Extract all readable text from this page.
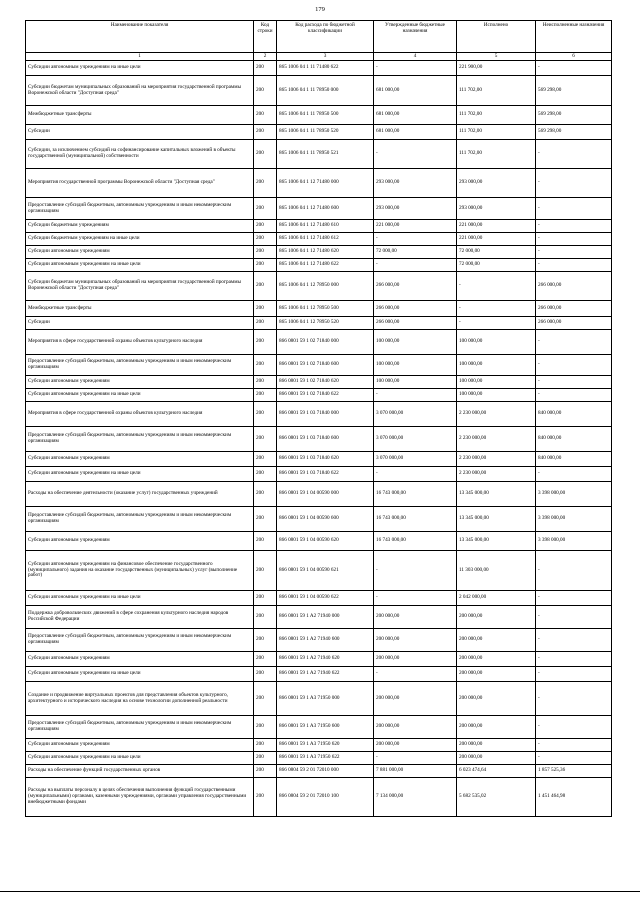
179
Наименование показателя	Код строки	Код расхода по бюджетной классификации	Утвержденные бюджетные назначения	Исполнено	Неисполненные назначения
1	2	3	4	5	6
Субсидии автономным учреждениям на иные цели	200	865 1006 04 1 11 71480 622	-	221 900,00	-
Субсидии бюджетам муниципальных образований на мероприятия государственной программы Воронежской области "Доступная среда"	200	865 1006 04 1 11 78950 000	681 000,00	111 702,00	569 298,00
Межбюджетные трансферты	200	865 1006 04 1 11 78950 500	681 000,00	111 702,00	569 298,00
Субсидии	200	865 1006 04 1 11 78950 520	681 000,00	111 702,00	569 298,00
Субсидии, за исключением субсидий на софинансирование капитальных вложений в объекты государственной (муниципальной) собственности	200	865 1006 04 1 11 78950 521	-	111 702,00	-
Мероприятия государственной программы Воронежской области "Доступная среда"	200	865 1006 04 1 12 71480 000	293 000,00	293 000,00	-
Предоставление субсидий бюджетным, автономным учреждениям и иным некоммерческим организациям	200	865 1006 04 1 12 71480 600	293 000,00	293 000,00	-
Субсидии бюджетным учреждениям	200	865 1006 04 1 12 71480 610	221 000,00	221 000,00	-
Субсидии бюджетным учреждениям на иные цели	200	865 1006 04 1 12 71480 612	-	221 000,00	-
Субсидии автономным учреждениям	200	865 1006 04 1 12 71480 620	72 000,00	72 000,00	-
Субсидии автономным учреждениям на иные цели	200	865 1006 04 1 12 71480 622	-	72 000,00	-
Субсидии бюджетам муниципальных образований на мероприятия государственной программы Воронежской области "Доступная среда"	200	865 1006 04 1 12 78950 000	266 000,00	-	266 000,00
Межбюджетные трансферты	200	865 1006 04 1 12 78950 500	266 000,00	-	266 000,00
Субсидии	200	865 1006 04 1 12 78950 520	266 000,00	-	266 000,00
Мероприятия в сфере государственной охраны объектов культурного наследия	200	866 0801 59 1 02 71840 000	100 000,00	100 000,00	-
Предоставление субсидий бюджетным, автономным учреждениям и иным некоммерческим организациям	200	866 0801 59 1 02 71840 600	100 000,00	100 000,00	-
Субсидии автономным учреждениям	200	866 0801 59 1 02 71840 620	100 000,00	100 000,00	-
Субсидии автономным учреждениям на иные цели	200	866 0801 59 1 02 71840 622	-	100 000,00	-
Мероприятия в сфере государственной охраны объектов культурного наследия	200	866 0801 59 1 03 71840 000	3 070 000,00	2 230 000,00	840 000,00
Предоставление субсидий бюджетным, автономным учреждениям и иным некоммерческим организациям	200	866 0801 59 1 03 71840 600	3 070 000,00	2 230 000,00	840 000,00
Субсидии автономным учреждениям	200	866 0801 59 1 03 71840 620	3 070 000,00	2 230 000,00	840 000,00
Субсидии автономным учреждениям на иные цели	200	866 0801 59 1 03 71840 622	-	2 230 000,00	-
Расходы на обеспечение деятельности (оказание услуг) государственных учреждений	200	866 0801 59 1 04 00590 000	16 743 000,00	13 345 000,00	3 398 000,00
Предоставление субсидий бюджетным, автономным учреждениям и иным некоммерческим организациям	200	866 0801 59 1 04 00590 600	16 743 000,00	13 345 000,00	3 398 000,00
Субсидии автономным учреждениям	200	866 0801 59 1 04 00590 620	16 743 000,00	13 345 000,00	3 398 000,00
Субсидии автономным учреждениям на финансовое обеспечение государственного (муниципального) задания на оказание государственных (муниципальных) услуг (выполнение работ)	200	866 0801 59 1 04 00590 621	-	11 303 000,00	-
Субсидии автономным учреждениям на иные цели	200	866 0801 59 1 04 00590 622	-	2 042 000,00	-
Поддержка добровольческих движений в сфере сохранения культурного наследия народов Российской Федерации	200	866 0801 59 1 A2 71940 000	200 000,00	200 000,00	-
Предоставление субсидий бюджетным, автономным учреждениям и иным некоммерческим организациям	200	866 0801 59 1 A2 71940 600	200 000,00	200 000,00	-
Субсидии автономным учреждениям	200	866 0801 59 1 A2 71940 620	200 000,00	200 000,00	-
Субсидии автономным учреждениям на иные цели	200	866 0801 59 1 A2 71940 622	-	200 000,00	-
Создание и продвижение виртуальных проектов для представления объектов культурного, архитектурного и исторического наследия на основе технологии дополненной реальности	200	866 0801 59 1 A3 71950 000	200 000,00	200 000,00	-
Предоставление субсидий бюджетным, автономным учреждениям и иным некоммерческим организациям	200	866 0801 59 1 A3 71950 600	200 000,00	200 000,00	-
Субсидии автономным учреждениям	200	866 0801 59 1 A3 71950 620	200 000,00	200 000,00	-
Субсидии автономным учреждениям на иные цели	200	866 0801 59 1 A3 71950 622	-	200 000,00	-
Расходы на обеспечение функций государственных органов	200	866 0804 59 2 01 72010 000	7 881 000,00	6 023 474,64	1 857 525,36
Расходы на выплаты персоналу в целях обеспечения выполнения функций государственными (муниципальными) органами, казенными учреждениями, органами управления государственными внебюджетными фондами	200	866 0804 59 2 01 72010 100	7 134 000,00	5 682 535,02	1 451 464,98
